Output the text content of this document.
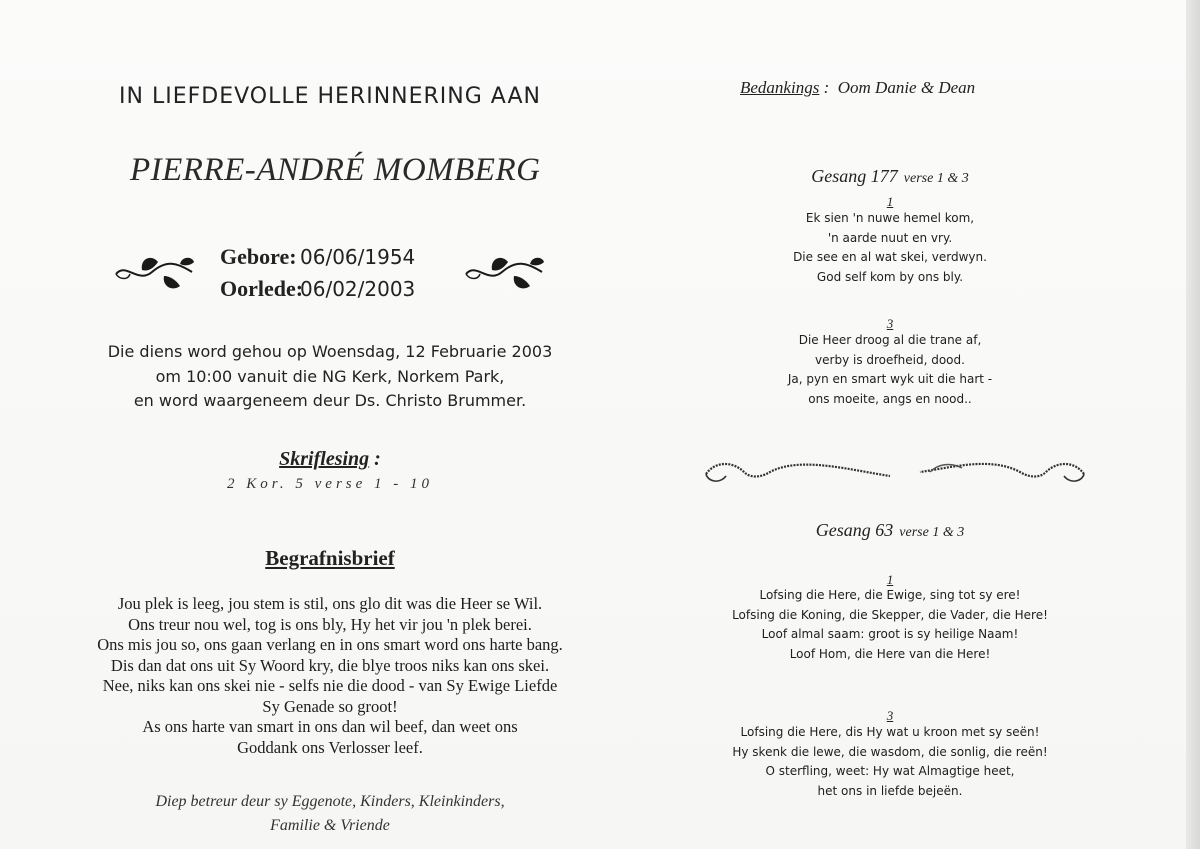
IN LIEFDEVOLLE HERINNERING AAN
PIERRE-ANDRÉ MOMBERG
Gebore: 06/06/1954
Oorlede:
06/02/2003
Die diens word gehou op Woensdag, 12 Februarie 2003
om 10:00 vanuit die NG Kerk, Norkem Park,
en word waargeneem deur Ds. Christo Brummer.
Skriflesing :
2 Kor. 5 verse 1 - 10
Begrafnisbrief
Jou plek is leeg, jou stem is stil, ons glo dit was die Heer se Wil.
Ons treur nou wel, tog is ons bly, Hy het vir jou 'n plek berei.
Ons mis jou so, ons gaan verlang en in ons smart word ons harte bang.
Dis dan dat ons uit Sy Woord kry, die blye troos niks kan ons skei.
Nee, niks kan ons skei nie - selfs nie die dood - van Sy Ewige Liefde
Sy Genade so groot!
As ons harte van smart in ons dan wil beef, dan weet ons
Goddank ons Verlosser leef.
Diep betreur deur sy Eggenote, Kinders, Kleinkinders,
Familie & Vriende
Bedankings : Oom Danie & Dean
Gesang 177 verse 1 & 3
1
Ek sien 'n nuwe hemel kom,
'n aarde nuut en vry.
Die see en al wat skei, verdwyn.
God self kom by ons bly.
3
Die Heer droog al die trane af,
verby is droefheid, dood.
Ja, pyn en smart wyk uit die hart -
ons moeite, angs en nood..
Gesang 63 verse 1 & 3
1
Lofsing die Here, die Ewige, sing tot sy ere!
Lofsing die Koning, die Skepper, die Vader, die Here!
Loof almal saam: groot is sy heilige Naam!
Loof Hom, die Here van die Here!
3
Lofsing die Here, dis Hy wat u kroon met sy seën!
Hy skenk die lewe, die wasdom, die sonlig, die reën!
O sterfling, weet: Hy wat Almagtige heet,
het ons in liefde bejeën.
